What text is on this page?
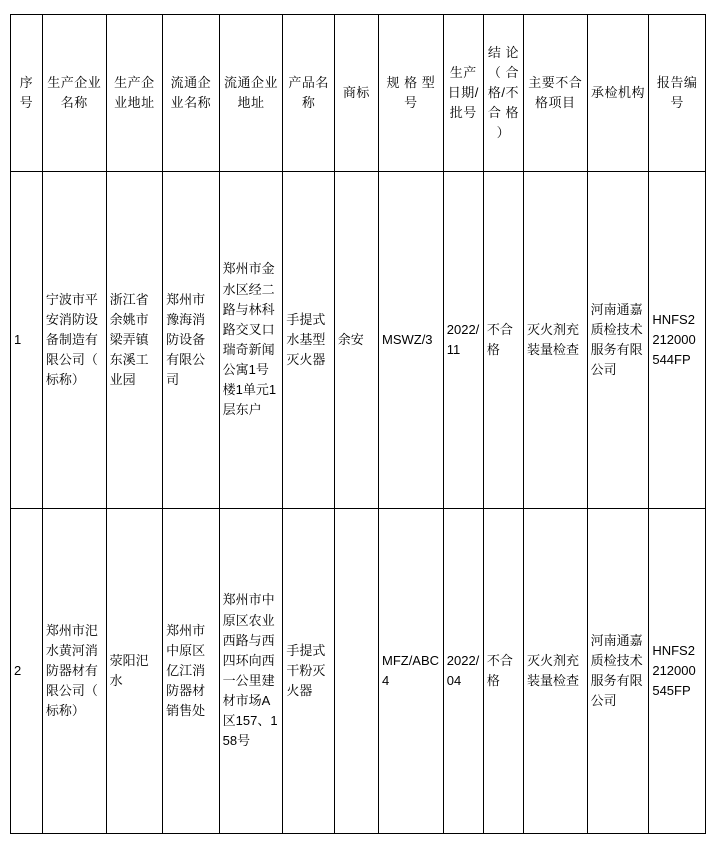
序号	生产企业名称	生产企业地址	流通企业名称	流通企业地址	产品名称	商标	规 格 型 号	生产日期/批号	结 论 （ 合 格/不 合 格 ）	主要不合格项目	承检机构	报告编号

1	宁波市平安消防设备制造有限公司（ 标称）	浙江省余姚市梁弄镇东溪工业园	郑州市豫海消防设备有限公司	郑州市金水区经二路与林科路交叉口瑞奇新闻公寓1号楼1单元1层东户	手提式水基型灭火器	余安	MSWZ/3	2022/11	不合格	灭火剂充装量检查	河南通嘉质检技术服务有限公司	HNFS2212000544FP
2	郑州市汜水黄河消防器材有限公司（ 标称）	荥阳汜水	郑州市中原区亿江消防器材销售处	郑州市中原区农业西路与西四环向西一公里建材市场A区157、158号	手提式干粉灭火器		MFZ/ABC4	2022/04	不合格	灭火剂充装量检查	河南通嘉质检技术服务有限公司	HNFS2212000545FP
